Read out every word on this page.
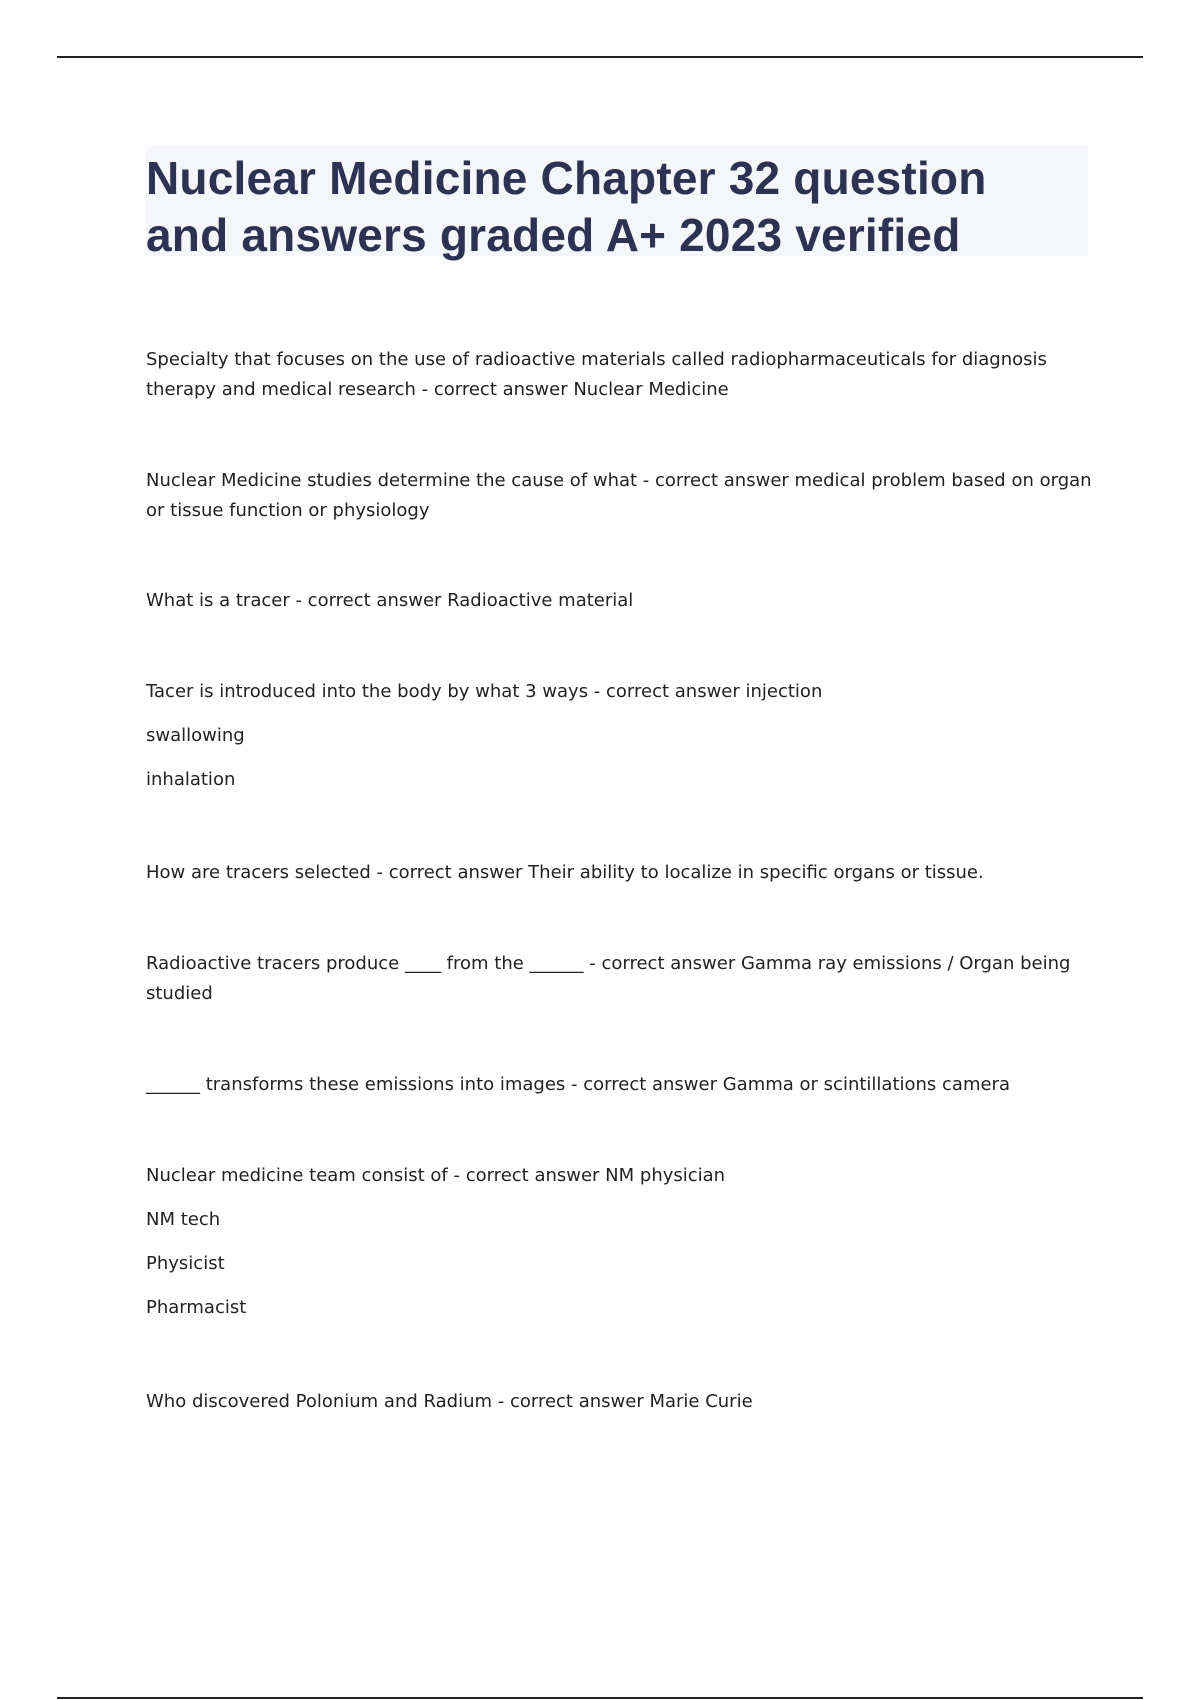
Nuclear Medicine Chapter 32 question
and answers graded A+ 2023 verified
Specialty that focuses on the use of radioactive materials called radiopharmaceuticals for diagnosis
therapy and medical research - correct answer Nuclear Medicine
Nuclear Medicine studies determine the cause of what - correct answer medical problem based on organ
or tissue function or physiology
What is a tracer - correct answer Radioactive material
Tacer is introduced into the body by what 3 ways - correct answer injection
swallowing
inhalation
How are tracers selected - correct answer Their ability to localize in specific organs or tissue.
Radioactive tracers produce ____ from the ______ - correct answer Gamma ray emissions / Organ being
studied
______ transforms these emissions into images - correct answer Gamma or scintillations camera
Nuclear medicine team consist of - correct answer NM physician
NM tech
Physicist
Pharmacist
Who discovered Polonium and Radium - correct answer Marie Curie
